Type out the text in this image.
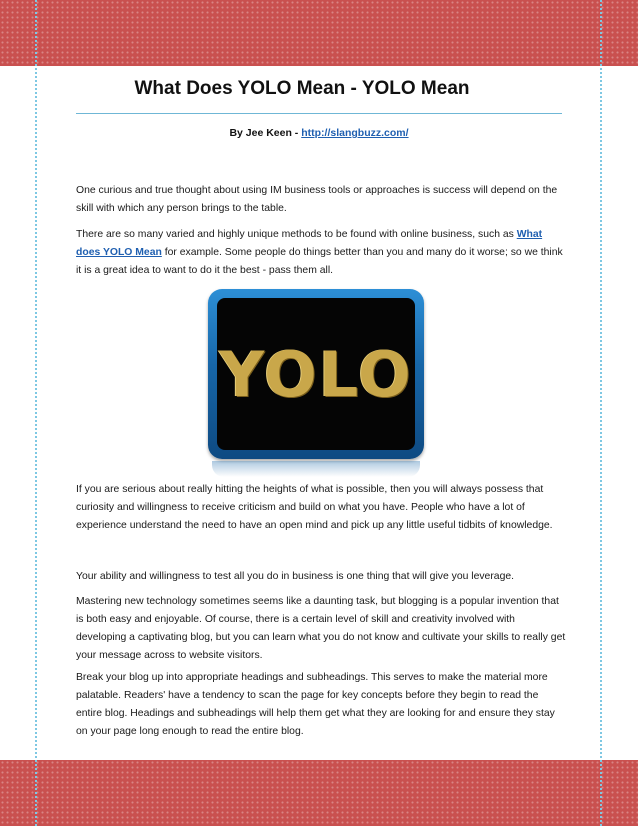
What Does YOLO Mean - YOLO Mean
By Jee Keen - http://slangbuzz.com/

One curious and true thought about using IM business tools or approaches is success will depend on the skill with which any person brings to the table.

There are so many varied and highly unique methods to be found with online business, such as What does YOLO Mean for example. Some people do things better than you and many do it worse; so we think it is a great idea to want to do it the best - pass them all.

YOLO

If you are serious about really hitting the heights of what is possible, then you will always possess that curiosity and willingness to receive criticism and build on what you have. People who have a lot of experience understand the need to have an open mind and pick up any little useful tidbits of knowledge.

Your ability and willingness to test all you do in business is one thing that will give you leverage.

Mastering new technology sometimes seems like a daunting task, but blogging is a popular invention that is both easy and enjoyable. Of course, there is a certain level of skill and creativity involved with developing a captivating blog, but you can learn what you do not know and cultivate your skills to really get your message across to website visitors.

Break your blog up into appropriate headings and subheadings. This serves to make the material more palatable. Readers' have a tendency to scan the page for key concepts before they begin to read the entire blog. Headings and subheadings will help them get what they are looking for and ensure they stay on your page long enough to read the entire blog.
